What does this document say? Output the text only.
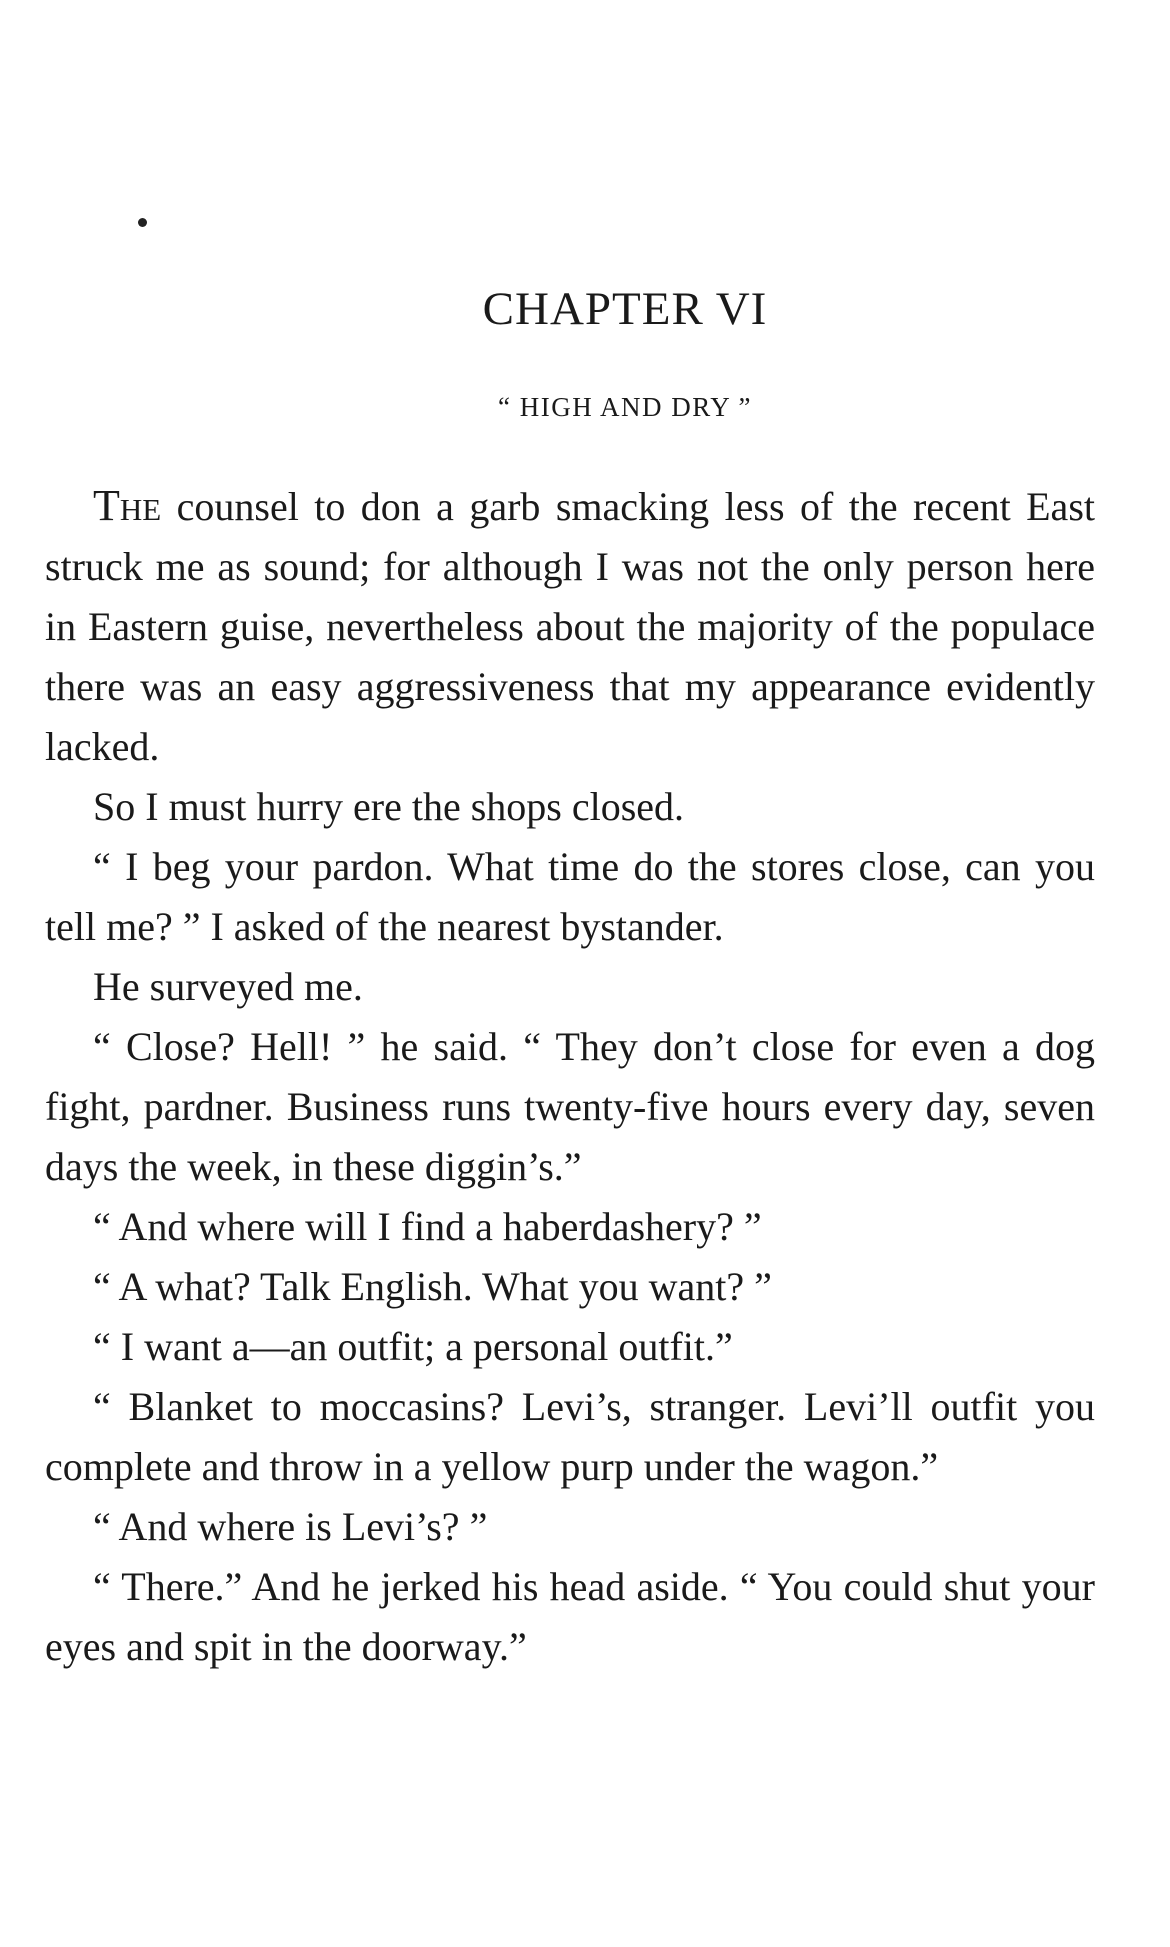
CHAPTER VI
“ HIGH AND DRY ”

The counsel to don a garb smacking less of the recent East struck me as sound; for although I was not the only person here in Eastern guise, nevertheless about the majority of the populace there was an easy aggressiveness that my appearance evidently lacked.

So I must hurry ere the shops closed.

“ I beg your pardon. What time do the stores close, can you tell me? ” I asked of the nearest bystander.

He surveyed me.

“ Close? Hell! ” he said. “ They don’t close for even a dog fight, pardner. Business runs twenty-five hours every day, seven days the week, in these diggin’s.”

“ And where will I find a haberdashery? ”

“ A what? Talk English. What you want? ”

“ I want a—an outfit; a personal outfit.”

“ Blanket to moccasins? Levi’s, stranger. Levi’ll outfit you complete and throw in a yellow purp under the wagon.”

“ And where is Levi’s? ”

“ There.” And he jerked his head aside. “ You could shut your eyes and spit in the doorway.”
